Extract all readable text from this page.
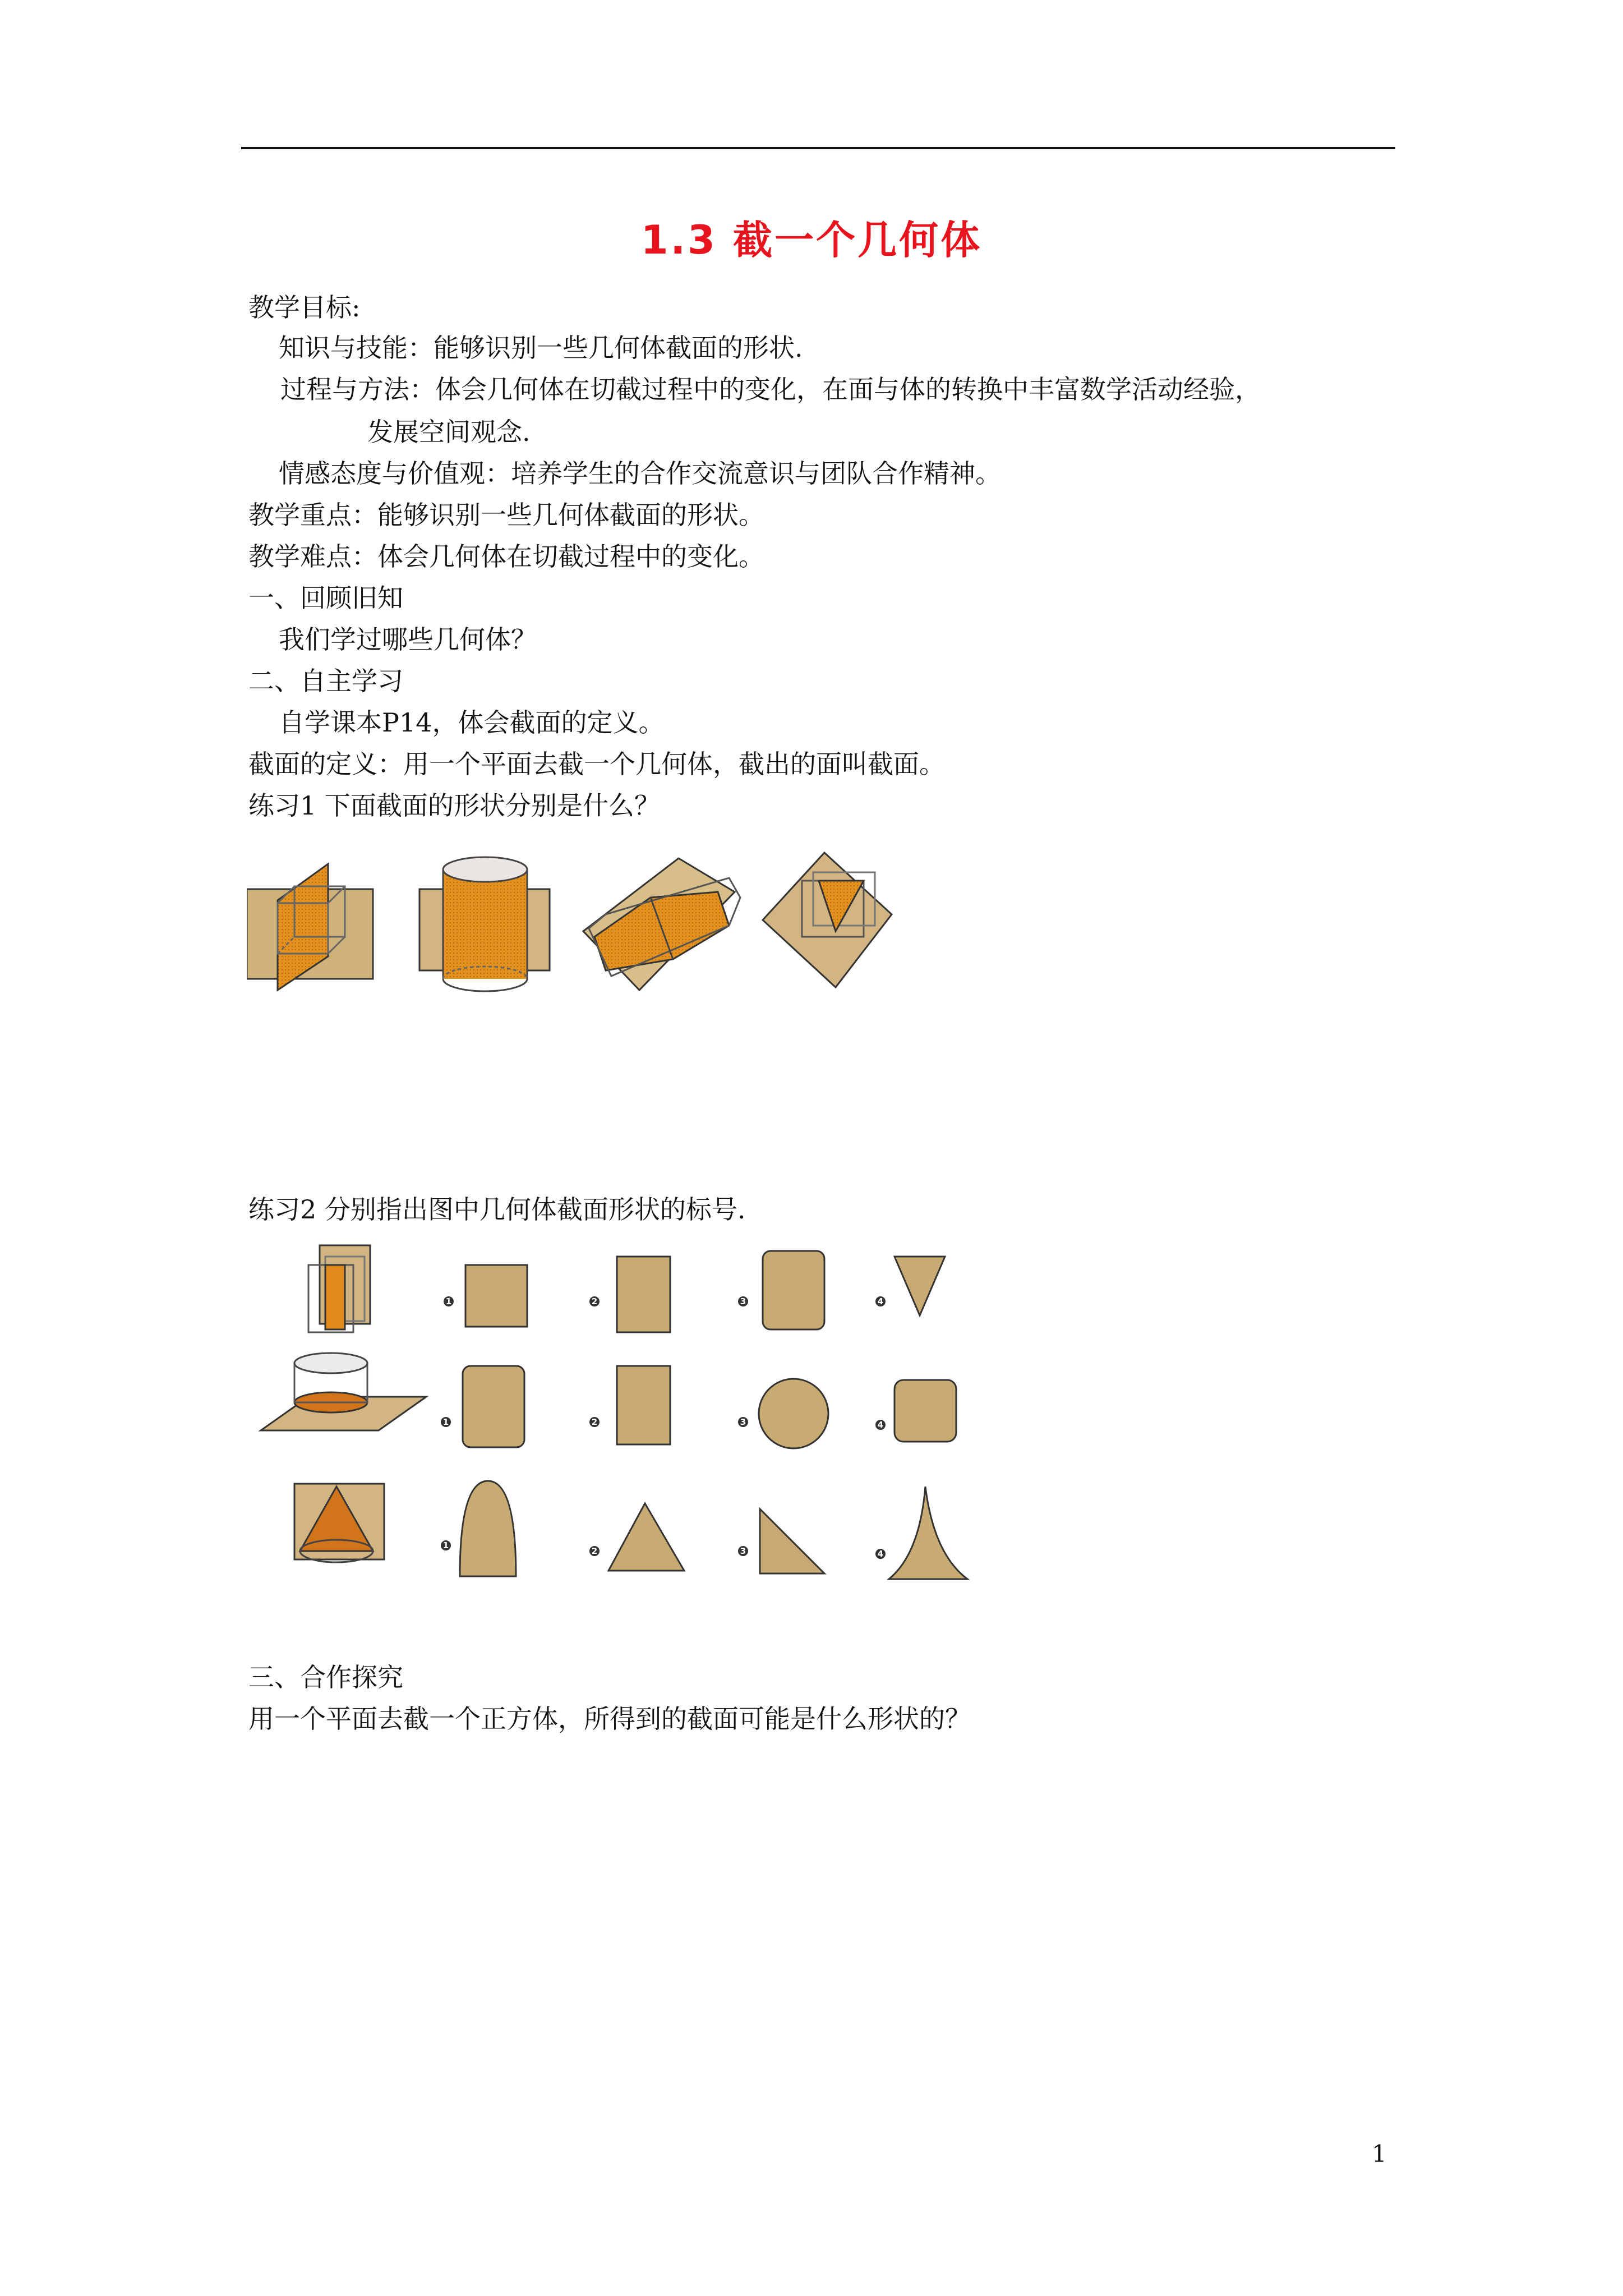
1.3 截一个几何体
教学目标:
知识与技能：能够识别一些几何体截面的形状.
过程与方法：体会几何体在切截过程中的变化，在面与体的转换中丰富数学活动经验，
发展空间观念.
情感态度与价值观：培养学生的合作交流意识与团队合作精神。
教学重点：能够识别一些几何体截面的形状。
教学难点：体会几何体在切截过程中的变化。
一、回顾旧知
我们学过哪些几何体？
二、自主学习
自学课本P14，体会截面的定义。
截面的定义：用一个平面去截一个几何体，截出的面叫截面。
练习1 下面截面的形状分别是什么？
练习2 分别指出图中几何体截面形状的标号.
1	2	3	4
1	2	3	4
1
2	3	4
三、合作探究
用一个平面去截一个正方体，所得到的截面可能是什么形状的？
1
